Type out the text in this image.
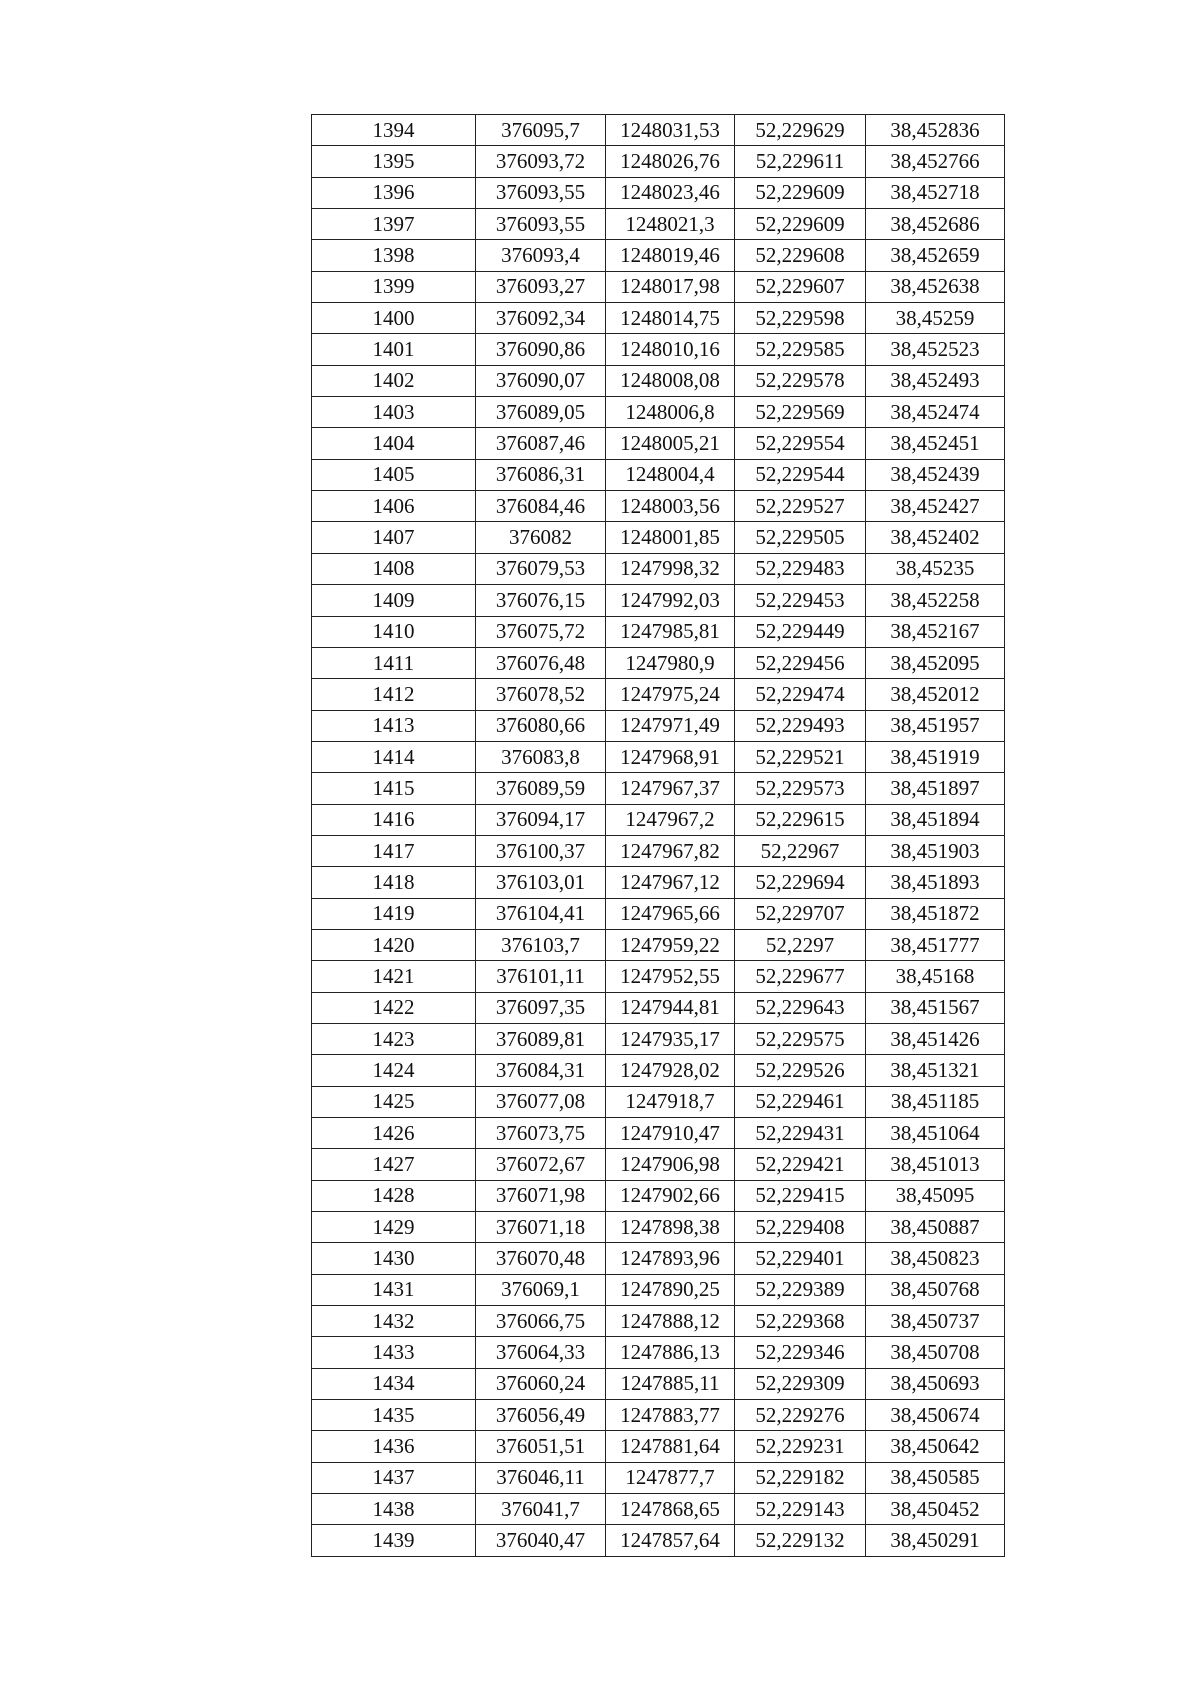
1394	376095,7	1248031,53	52,229629	38,452836
1395	376093,72	1248026,76	52,229611	38,452766
1396	376093,55	1248023,46	52,229609	38,452718
1397	376093,55	1248021,3	52,229609	38,452686
1398	376093,4	1248019,46	52,229608	38,452659
1399	376093,27	1248017,98	52,229607	38,452638
1400	376092,34	1248014,75	52,229598	38,45259
1401	376090,86	1248010,16	52,229585	38,452523
1402	376090,07	1248008,08	52,229578	38,452493
1403	376089,05	1248006,8	52,229569	38,452474
1404	376087,46	1248005,21	52,229554	38,452451
1405	376086,31	1248004,4	52,229544	38,452439
1406	376084,46	1248003,56	52,229527	38,452427
1407	376082	1248001,85	52,229505	38,452402
1408	376079,53	1247998,32	52,229483	38,45235
1409	376076,15	1247992,03	52,229453	38,452258
1410	376075,72	1247985,81	52,229449	38,452167
1411	376076,48	1247980,9	52,229456	38,452095
1412	376078,52	1247975,24	52,229474	38,452012
1413	376080,66	1247971,49	52,229493	38,451957
1414	376083,8	1247968,91	52,229521	38,451919
1415	376089,59	1247967,37	52,229573	38,451897
1416	376094,17	1247967,2	52,229615	38,451894
1417	376100,37	1247967,82	52,22967	38,451903
1418	376103,01	1247967,12	52,229694	38,451893
1419	376104,41	1247965,66	52,229707	38,451872
1420	376103,7	1247959,22	52,2297	38,451777
1421	376101,11	1247952,55	52,229677	38,45168
1422	376097,35	1247944,81	52,229643	38,451567
1423	376089,81	1247935,17	52,229575	38,451426
1424	376084,31	1247928,02	52,229526	38,451321
1425	376077,08	1247918,7	52,229461	38,451185
1426	376073,75	1247910,47	52,229431	38,451064
1427	376072,67	1247906,98	52,229421	38,451013
1428	376071,98	1247902,66	52,229415	38,45095
1429	376071,18	1247898,38	52,229408	38,450887
1430	376070,48	1247893,96	52,229401	38,450823
1431	376069,1	1247890,25	52,229389	38,450768
1432	376066,75	1247888,12	52,229368	38,450737
1433	376064,33	1247886,13	52,229346	38,450708
1434	376060,24	1247885,11	52,229309	38,450693
1435	376056,49	1247883,77	52,229276	38,450674
1436	376051,51	1247881,64	52,229231	38,450642
1437	376046,11	1247877,7	52,229182	38,450585
1438	376041,7	1247868,65	52,229143	38,450452
1439	376040,47	1247857,64	52,229132	38,450291
